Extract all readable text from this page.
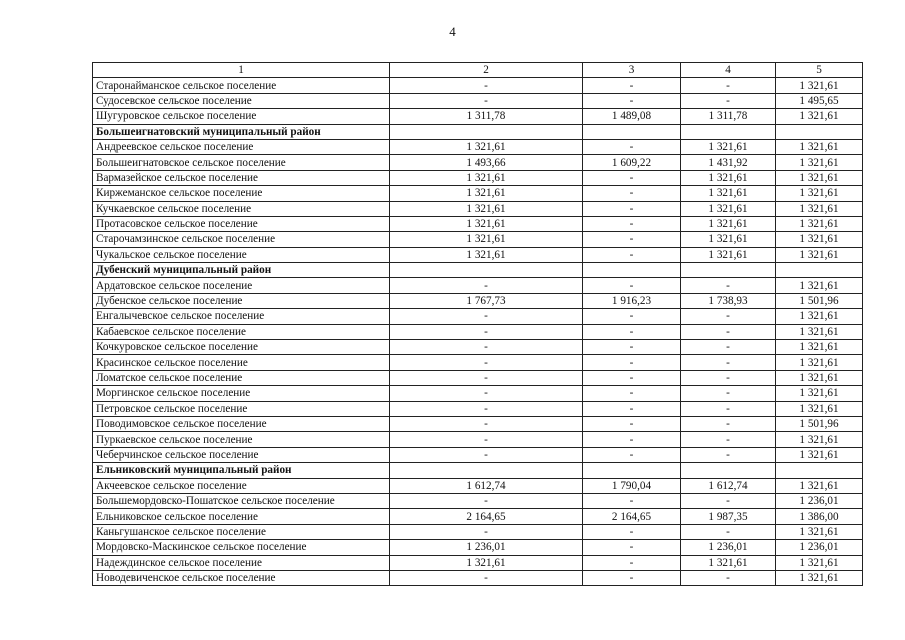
4
1	2	3	4	5
Старонайманское сельское поселение	-	-	-	1 321,61
Судосевское сельское поселение	-	-	-	1 495,65
Шугуровское сельское поселение	1 311,78	1 489,08	1 311,78	1 321,61
Большеигнатовский муниципальный район				
Андреевское сельское поселение	1 321,61	-	1 321,61	1 321,61
Большеигнатовское сельское поселение	1 493,66	1 609,22	1 431,92	1 321,61
Вармазейское сельское поселение	1 321,61	-	1 321,61	1 321,61
Киржеманское сельское поселение	1 321,61	-	1 321,61	1 321,61
Кучкаевское сельское поселение	1 321,61	-	1 321,61	1 321,61
Протасовское сельское поселение	1 321,61	-	1 321,61	1 321,61
Старочамзинское сельское поселение	1 321,61	-	1 321,61	1 321,61
Чукальское сельское поселение	1 321,61	-	1 321,61	1 321,61
Дубенский муниципальный район				
Ардатовское сельское поселение	-	-	-	1 321,61
Дубенское сельское поселение	1 767,73	1 916,23	1 738,93	1 501,96
Енгалычевское сельское поселение	-	-	-	1 321,61
Кабаевское сельское поселение	-	-	-	1 321,61
Кочкуровское сельское поселение	-	-	-	1 321,61
Красинское сельское поселение	-	-	-	1 321,61
Ломатское сельское поселение	-	-	-	1 321,61
Моргинское сельское поселение	-	-	-	1 321,61
Петровское сельское поселение	-	-	-	1 321,61
Поводимовское сельское поселение	-	-	-	1 501,96
Пуркаевское сельское поселение	-	-	-	1 321,61
Чеберчинское сельское поселение	-	-	-	1 321,61
Ельниковский муниципальный район				
Акчеевское сельское поселение	1 612,74	1 790,04	1 612,74	1 321,61
Большемордовско-Пошатское сельское поселение	-	-	-	1 236,01
Ельниковское сельское поселение	2 164,65	2 164,65	1 987,35	1 386,00
Каньгушанское сельское поселение	-	-	-	1 321,61
Мордовско-Маскинское сельское поселение	1 236,01	-	1 236,01	1 236,01
Надеждинское сельское поселение	1 321,61	-	1 321,61	1 321,61
Новодевиченское сельское поселение	-	-	-	1 321,61
